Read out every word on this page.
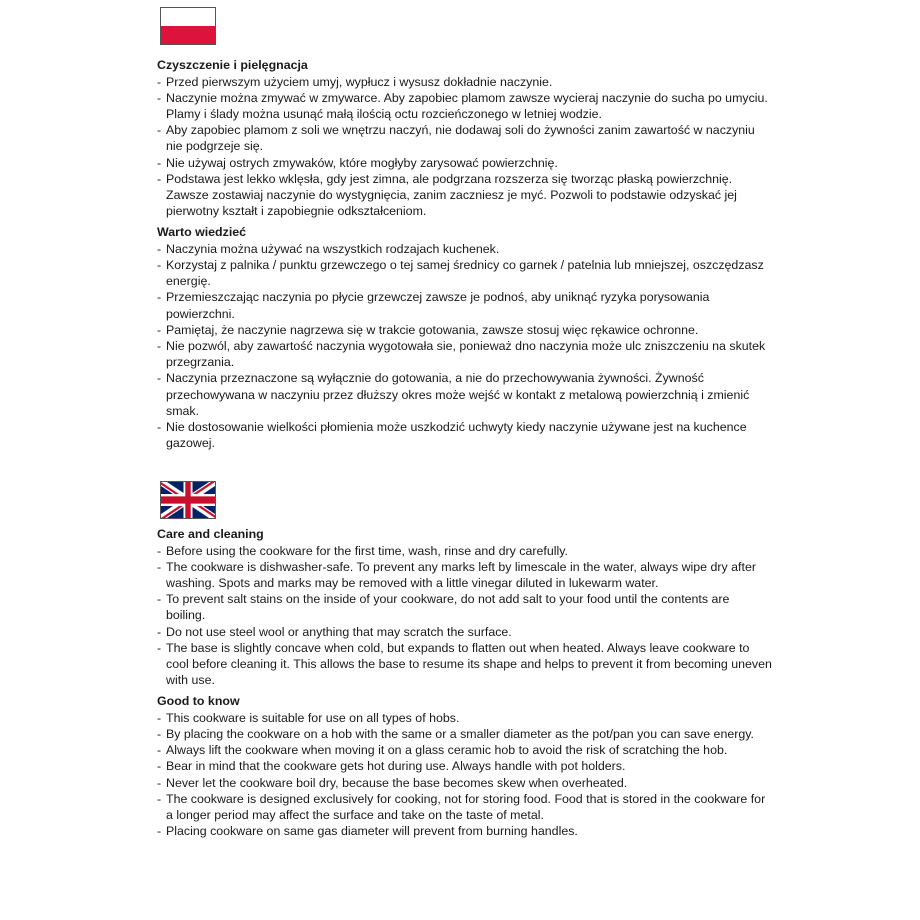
Czyszczenie i pielęgnacja
- Przed pierwszym użyciem umyj, wypłucz i wysusz dokładnie naczynie.
- Naczynie można zmywać w zmywarce. Aby zapobiec plamom zawsze wycieraj naczynie do sucha po umyciu. Plamy i ślady można usunąć małą ilością octu rozcieńczonego w letniej wodzie.
- Aby zapobiec plamom z soli we wnętrzu naczyń, nie dodawaj soli do żywności zanim zawartość w naczyniu nie podgrzeje się.
- Nie używaj ostrych zmywaków, które mogłyby zarysować powierzchnię.
- Podstawa jest lekko wklęsła, gdy jest zimna, ale podgrzana rozszerza się tworząc płaską powierzchnię. Zawsze zostawiaj naczynie do wystygnięcia, zanim zaczniesz je myć. Pozwoli to podstawie odzyskać jej pierwotny kształt i zapobiegnie odkształceniom.
Warto wiedzieć
- Naczynia można używać na wszystkich rodzajach kuchenek.
- Korzystaj z palnika / punktu grzewczego o tej samej średnicy co garnek / patelnia lub mniejszej, oszczędzasz energię.
- Przemieszczając naczynia po płycie grzewczej zawsze je podnoś, aby uniknąć ryzyka porysowania powierzchni.
- Pamiętaj, że naczynie nagrzewa się w trakcie gotowania, zawsze stosuj więc rękawice ochronne.
- Nie pozwól, aby zawartość naczynia wygotowała sie, ponieważ dno naczynia może ulc zniszczeniu na skutek przegrzania.
- Naczynia przeznaczone są wyłącznie do gotowania, a nie do przechowywania żywności. Żywność przechowywana w naczyniu przez dłuższy okres może wejść w kontakt z metalową powierzchnią i zmienić smak.
- Nie dostosowanie wielkości płomienia może uszkodzić uchwyty kiedy naczynie używane jest na kuchence gazowej.
Care and cleaning
- Before using the cookware for the first time, wash, rinse and dry carefully.
- The cookware is dishwasher-safe. To prevent any marks left by limescale in the water, always wipe dry after washing. Spots and marks may be removed with a little vinegar diluted in lukewarm water.
- To prevent salt stains on the inside of your cookware, do not add salt to your food until the contents are boiling.
- Do not use steel wool or anything that may scratch the surface.
- The base is slightly concave when cold, but expands to flatten out when heated. Always leave cookware to cool before cleaning it. This allows the base to resume its shape and helps to prevent it from becoming uneven with use.
Good to know
- This cookware is suitable for use on all types of hobs.
- By placing the cookware on a hob with the same or a smaller diameter as the pot/pan you can save energy.
- Always lift the cookware when moving it on a glass ceramic hob to avoid the risk of scratching the hob.
- Bear in mind that the cookware gets hot during use. Always handle with pot holders.
- Never let the cookware boil dry, because the base becomes skew when overheated.
- The cookware is designed exclusively for cooking, not for storing food. Food that is stored in the cookware for a longer period may affect the surface and take on the taste of metal.
- Placing cookware on same gas diameter will prevent from burning handles.
